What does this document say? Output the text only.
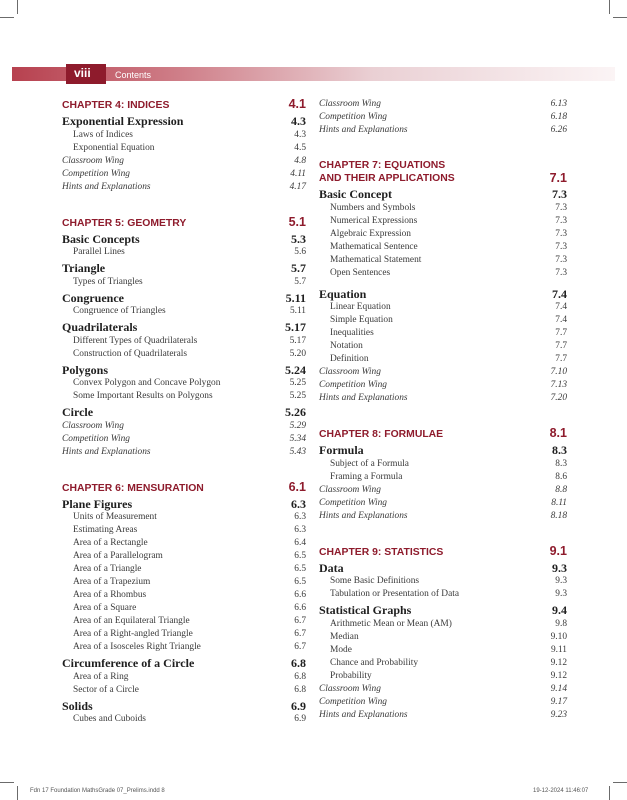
viii	Contents
CHAPTER 4: INDICES	4.1
Exponential Expression	4.3
Laws of Indices	4.3
Exponential Equation	4.5
Classroom Wing	4.8
Competition Wing	4.11
Hints and Explanations	4.17
CHAPTER 5: GEOMETRY	5.1
Basic Concepts	5.3
Parallel Lines	5.6
Triangle	5.7
Types of Triangles	5.7
Congruence	5.11
Congruence of Triangles	5.11
Quadrilaterals	5.17
Different Types of Quadrilaterals	5.17
Construction of Quadrilaterals	5.20
Polygons	5.24
Convex Polygon and Concave Polygon	5.25
Some Important Results on Polygons	5.25
Circle	5.26
Classroom Wing	5.29
Competition Wing	5.34
Hints and Explanations	5.43
CHAPTER 6: MENSURATION	6.1
Plane Figures	6.3
Units of Measurement	6.3
Estimating Areas	6.3
Area of a Rectangle	6.4
Area of a Parallelogram	6.5
Area of a Triangle	6.5
Area of a Trapezium	6.5
Area of a Rhombus	6.6
Area of a Square	6.6
Area of an Equilateral Triangle	6.7
Area of a Right-angled Triangle	6.7
Area of a Isosceles Right Triangle	6.7
Circumference of a Circle	6.8
Area of a Ring	6.8
Sector of a Circle	6.8
Solids	6.9
Cubes and Cuboids	6.9
Classroom Wing	6.13
Competition Wing	6.18
Hints and Explanations	6.26
CHAPTER 7: EQUATIONS
AND THEIR APPLICATIONS	7.1
Basic Concept	7.3
Numbers and Symbols	7.3
Numerical Expressions	7.3
Algebraic Expression	7.3
Mathematical Sentence	7.3
Mathematical Statement	7.3
Open Sentences	7.3
Equation	7.4
Linear Equation	7.4
Simple Equation	7.4
Inequalities	7.7
Notation	7.7
Definition	7.7
Classroom Wing	7.10
Competition Wing	7.13
Hints and Explanations	7.20
CHAPTER 8: FORMULAE	8.1
Formula	8.3
Subject of a Formula	8.3
Framing a Formula	8.6
Classroom Wing	8.8
Competition Wing	8.11
Hints and Explanations	8.18
CHAPTER 9: STATISTICS	9.1
Data	9.3
Some Basic Definitions	9.3
Tabulation or Presentation of Data	9.3
Statistical Graphs	9.4
Arithmetic Mean or Mean (AM)	9.8
Median	9.10
Mode	9.11
Chance and Probability	9.12
Probability	9.12
Classroom Wing	9.14
Competition Wing	9.17
Hints and Explanations	9.23
Fdn 17 Foundation MathsGrade 07_Prelims.indd 8	19-12-2024 11:46:07
